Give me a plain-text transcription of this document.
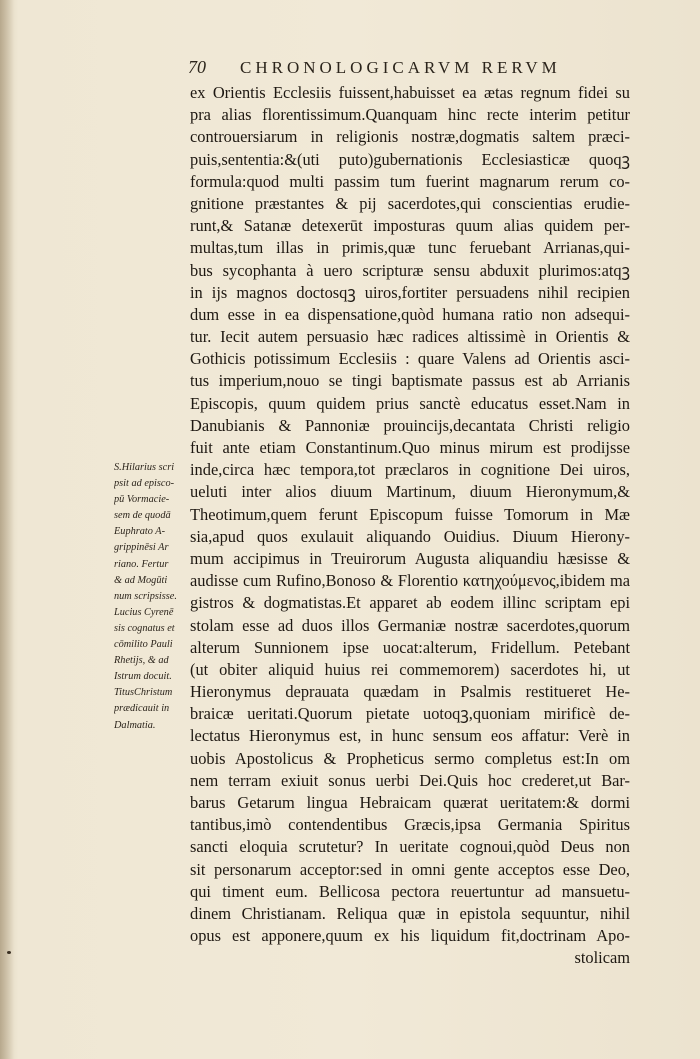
70 CHRONOLOGICARVM RERVM
ex Orientis Ecclesiis fuissent,habuisset ea ætas regnum fidei su
pra alias florentissimum.Quanquam hinc recte interim petitur
controuersiarum in religionis nostræ,dogmatis saltem præci-
puis,sententia:&(uti puto)gubernationis Ecclesiasticæ quoqꝫ
formula:quod multi passim tum fuerint magnarum rerum co-
gnitione præstantes & pij sacerdotes,qui conscientias erudie-
runt,& Satanæ detexerūt imposturas quum alias quidem per-
multas,tum illas in primis,quæ tunc feruebant Arrianas,qui-
bus sycophanta à uero scripturæ sensu abduxit plurimos:atqꝫ
in ijs magnos doctosqꝫ uiros,fortiter persuadens nihil recipien
dum esse in ea dispensatione,quòd humana ratio non adsequi-
tur. Iecit autem persuasio hæc radices altissimè in Orientis &
Gothicis potissimum Ecclesiis : quare Valens ad Orientis asci-
tus imperium,nouo se tingi baptismate passus est ab Arrianis
Episcopis, quum quidem prius sanctè educatus esset.Nam in
Danubianis & Pannoniæ prouincijs,decantata Christi religio
fuit ante etiam Constantinum.Quo minus mirum est prodijsse
inde,circa hæc tempora,tot præclaros in cognitione Dei uiros,
ueluti inter alios diuum Martinum, diuum Hieronymum,&
Theotimum,quem ferunt Episcopum fuisse Tomorum in Mæ
sia,apud quos exulauit aliquando Ouidius. Diuum Hierony-
mum accipimus in Treuirorum Augusta aliquandiu hæsisse &
audisse cum Rufino,Bonoso & Florentio κατηχούμενος,ibidem ma
gistros & dogmatistas.Et apparet ab eodem illinc scriptam epi
stolam esse ad duos illos Germaniæ nostræ sacerdotes,quorum
alterum Sunnionem ipse uocat:alterum, Fridellum. Petebant
(ut obiter aliquid huius rei commemorem) sacerdotes hi, ut
Hieronymus deprauata quædam in Psalmis restitueret He-
braicæ ueritati.Quorum pietate uotoqꝫ,quoniam mirificè de-
lectatus Hieronymus est, in hunc sensum eos affatur: Verè in
uobis Apostolicus & Propheticus sermo completus est:In om
nem terram exiuit sonus uerbi Dei.Quis hoc crederet,ut Bar-
barus Getarum lingua Hebraicam quærat ueritatem:& dormi
tantibus,imò contendentibus Græcis,ipsa Germania Spiritus
sancti eloquia scrutetur? In ueritate cognoui,quòd Deus non
sit personarum acceptor:sed in omni gente acceptos esse Deo,
qui timent eum. Bellicosa pectora reuertuntur ad mansuetu-
dinem Christianam. Reliqua quæ in epistola sequuntur, nihil
opus est apponere,quum ex his liquidum fit,doctrinam Apo-
stolicam
S.Hilarius scri
psit ad episco-
pū Vormacie-
sem de quodā
Euphrato A-
grippinēsi Ar
riano. Fertur
& ad Mogūti
num scripsisse.
Lucius Cyrenē
sis cognatus et
cōmilito Pauli
Rhetijs, & ad
Istrum docuit.
TitusChristum
prædicauit in
Dalmatia.
